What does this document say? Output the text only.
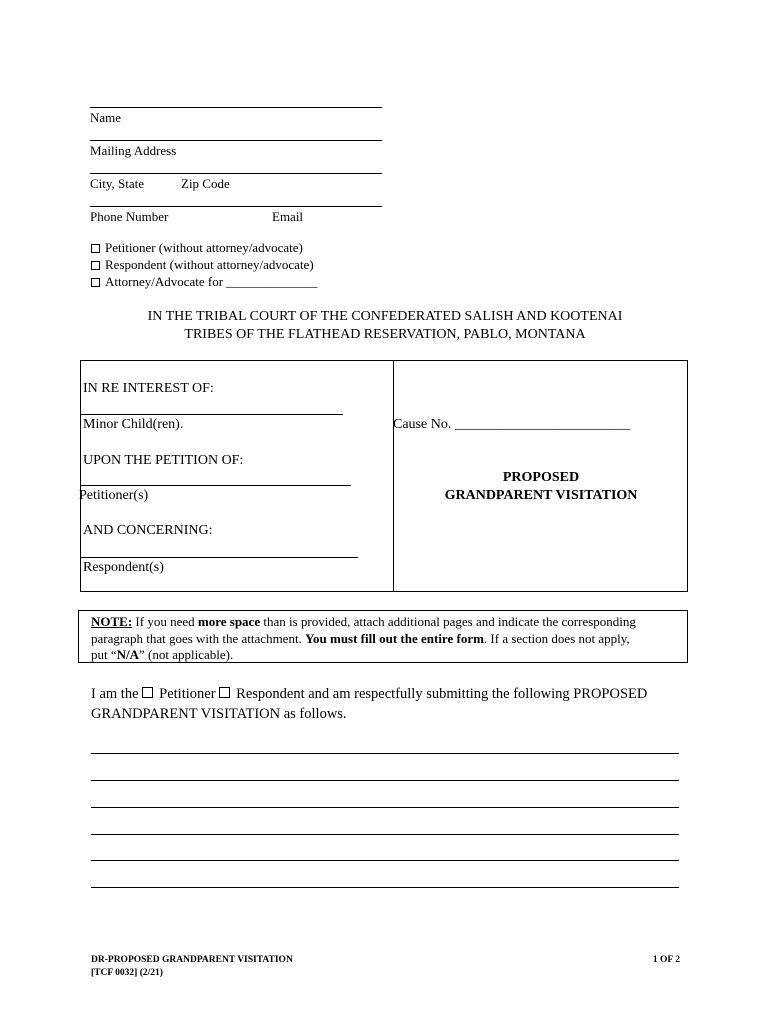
Name
Mailing Address
City, State	Zip Code
Phone Number	Email
Petitioner (without attorney/advocate)
Respondent (without attorney/advocate)
Attorney/Advocate for ______________
IN THE TRIBAL COURT OF THE CONFEDERATED SALISH AND KOOTENAI
TRIBES OF THE FLATHEAD RESERVATION, PABLO, MONTANA
IN RE INTEREST OF:
Minor Child(ren).
UPON THE PETITION OF:
Petitioner(s)
AND CONCERNING:
Respondent(s)
Cause No. _________________________
PROPOSED
GRANDPARENT VISITATION
NOTE: If you need more space than is provided, attach additional pages and indicate the corresponding
paragraph that goes with the attachment. You must fill out the entire form. If a section does not apply,
put “N/A” (not applicable).
I am the Petitioner Respondent and am respectfully submitting the following PROPOSED
GRANDPARENT VISITATION as follows.
DR-PROPOSED GRANDPARENT VISITATION
[TCF 0032] (2/21)
1 OF 2
